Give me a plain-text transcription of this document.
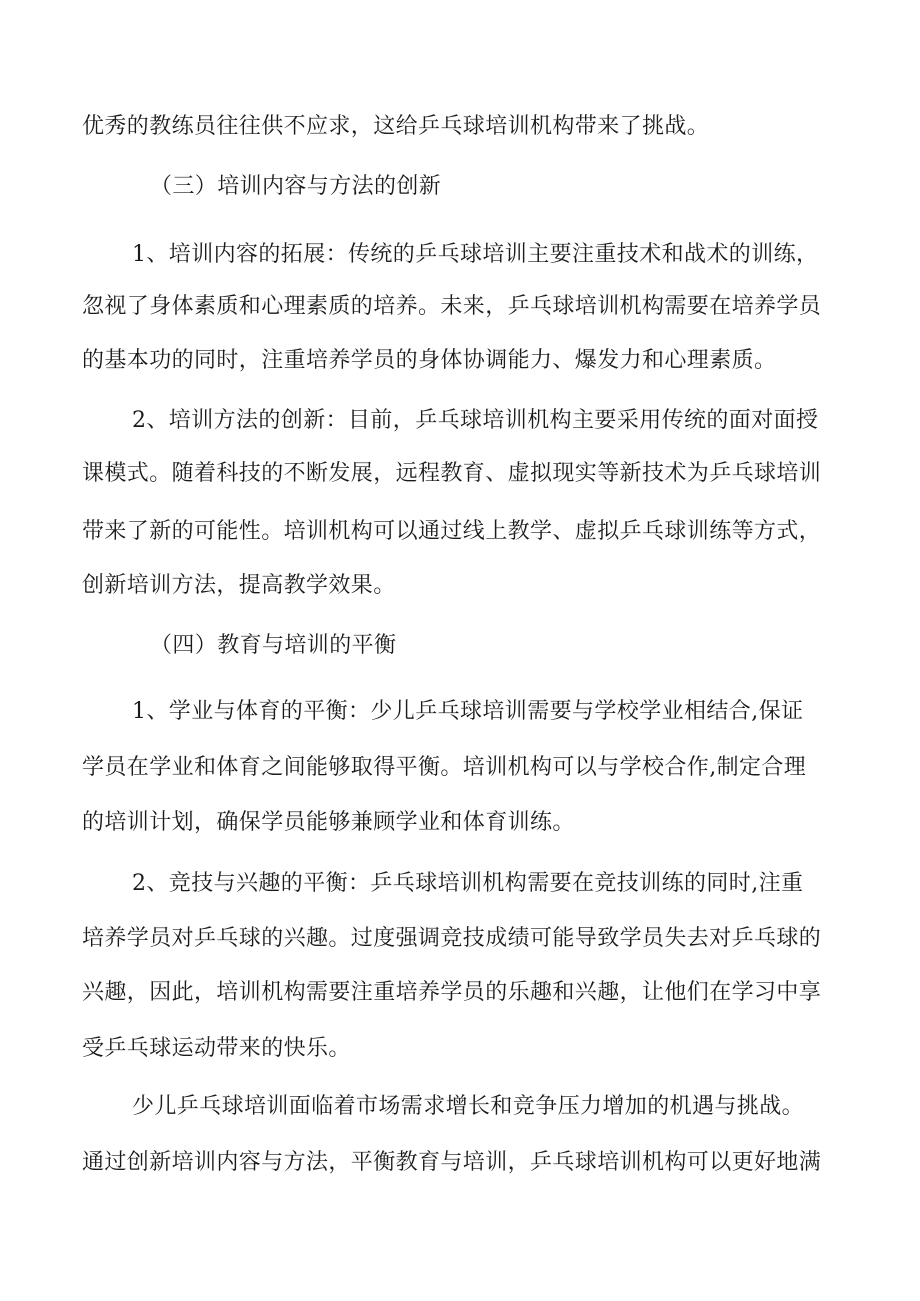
优秀的教练员往往供不应求，这给乒乓球培训机构带来了挑战。
（三）培训内容与方法的创新
1、培训内容的拓展：传统的乒乓球培训主要注重技术和战术的训练，
忽视了身体素质和心理素质的培养。未来，乒乓球培训机构需要在培养学员
的基本功的同时，注重培养学员的身体协调能力、爆发力和心理素质。
2、培训方法的创新：目前，乒乓球培训机构主要采用传统的面对面授
课模式。随着科技的不断发展，远程教育、虚拟现实等新技术为乒乓球培训
带来了新的可能性。培训机构可以通过线上教学、虚拟乒乓球训练等方式，
创新培训方法，提高教学效果。
（四）教育与培训的平衡
1、学业与体育的平衡：少儿乒乓球培训需要与学校学业相结合,保证
学员在学业和体育之间能够取得平衡。培训机构可以与学校合作,制定合理
的培训计划，确保学员能够兼顾学业和体育训练。
2、竞技与兴趣的平衡：乒乓球培训机构需要在竞技训练的同时,注重
培养学员对乒乓球的兴趣。过度强调竞技成绩可能导致学员失去对乒乓球的
兴趣，因此，培训机构需要注重培养学员的乐趣和兴趣，让他们在学习中享
受乒乓球运动带来的快乐。
少儿乒乓球培训面临着市场需求增长和竞争压力增加的机遇与挑战。
通过创新培训内容与方法，平衡教育与培训，乒乓球培训机构可以更好地满
